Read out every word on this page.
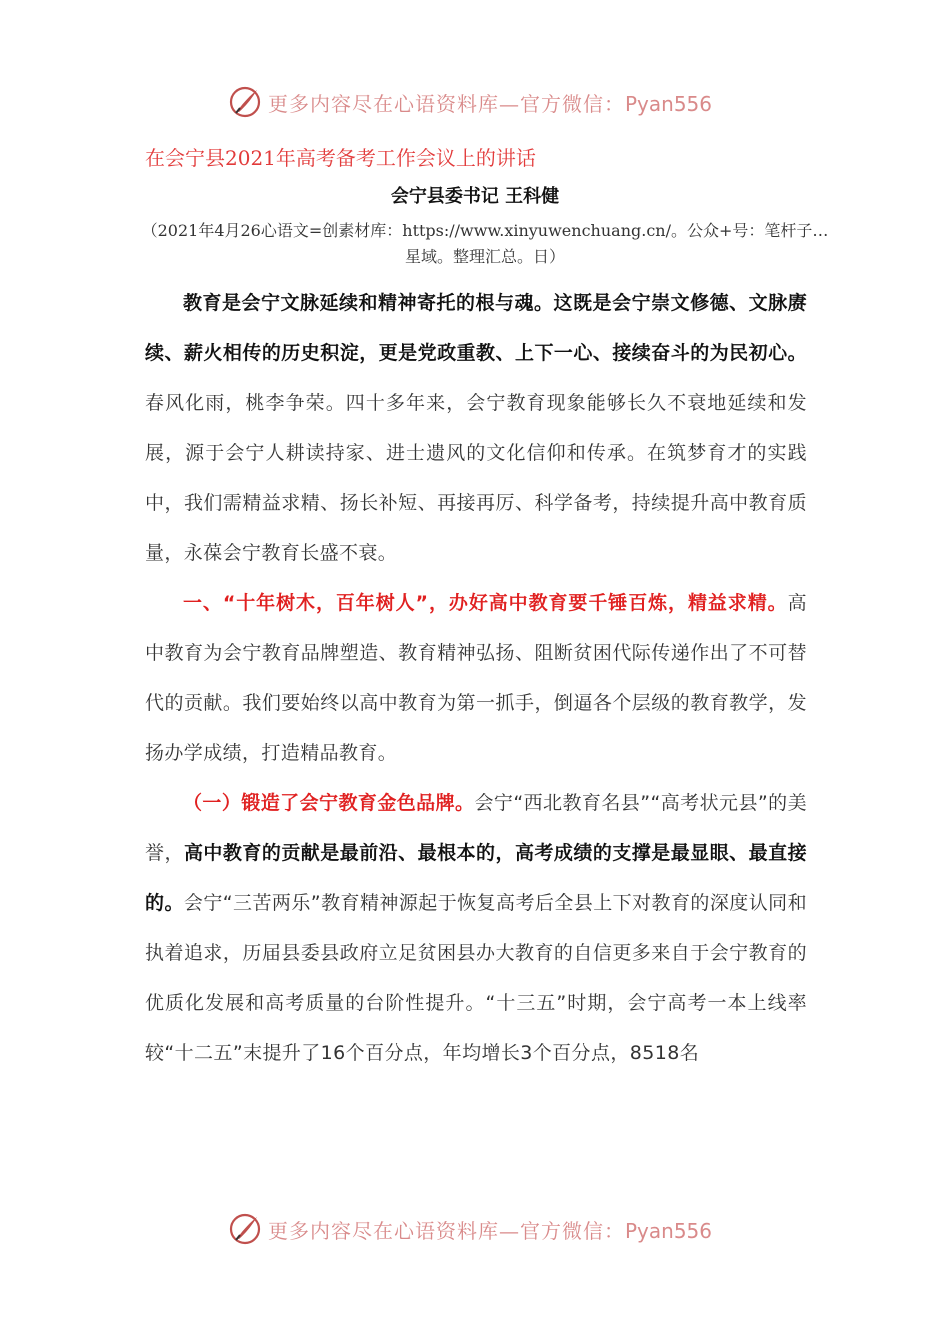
更多内容尽在心语资料库—官方微信：Pyan556
在会宁县2021年高考备考工作会议上的讲话
会宁县委书记 王科健
（2021年4月26心语文=创素材库：https://www.xinyuwenchuang.cn/。公众+号：笔杆子…星域。整理汇总。日）

教育是会宁文脉延续和精神寄托的根与魂。这既是会宁崇文修德、文脉赓续、薪火相传的历史积淀，更是党政重教、上下一心、接续奋斗的为民初心。春风化雨，桃李争荣。四十多年来，会宁教育现象能够长久不衰地延续和发展，源于会宁人耕读持家、进士遗风的文化信仰和传承。在筑梦育才的实践中，我们需精益求精、扬长补短、再接再厉、科学备考，持续提升高中教育质量，永葆会宁教育长盛不衰。

一、“十年树木，百年树人”，办好高中教育要千锤百炼，精益求精。高中教育为会宁教育品牌塑造、教育精神弘扬、阻断贫困代际传递作出了不可替代的贡献。我们要始终以高中教育为第一抓手，倒逼各个层级的教育教学，发扬办学成绩，打造精品教育。

（一）锻造了会宁教育金色品牌。会宁“西北教育名县”“高考状元县”的美誉，高中教育的贡献是最前沿、最根本的，高考成绩的支撑是最显眼、最直接的。会宁“三苦两乐”教育精神源起于恢复高考后全县上下对教育的深度认同和执着追求，历届县委县政府立足贫困县办大教育的自信更多来自于会宁教育的优质化发展和高考质量的台阶性提升。“十三五”时期，会宁高考一本上线率较“十二五”末提升了16个百分点，年均增长3个百分点，8518名

更多内容尽在心语资料库—官方微信：Pyan556
